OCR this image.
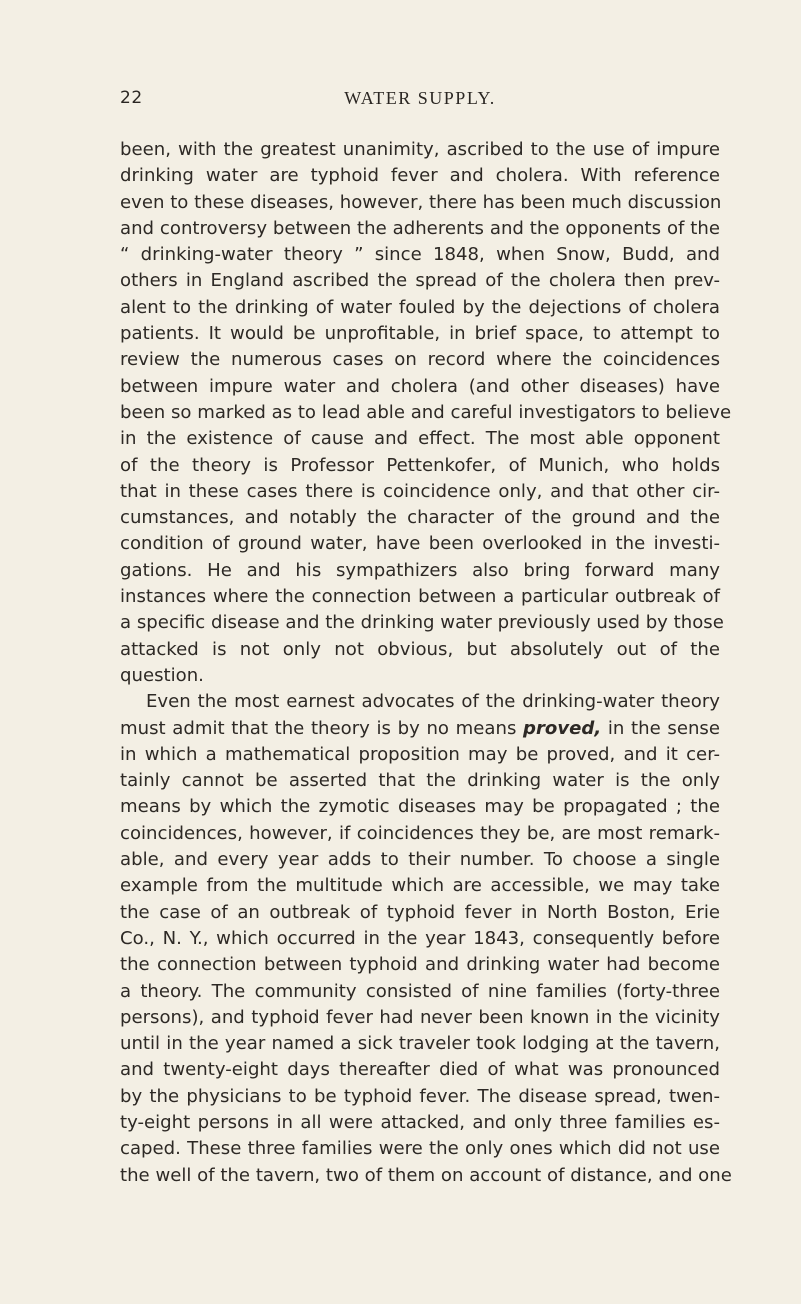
22	WATER SUPPLY.
been, with the greatest unanimity, ascribed to the use of impure
drinking water are typhoid fever and cholera. With reference
even to these diseases, however, there has been much discussion
and controversy between the adherents and the opponents of the
“ drinking-water theory ” since 1848, when Snow, Budd, and
others in England ascribed the spread of the cholera then prev-
alent to the drinking of water fouled by the dejections of cholera
patients. It would be unprofitable, in brief space, to attempt to
review the numerous cases on record where the coincidences
between impure water and cholera (and other diseases) have
been so marked as to lead able and careful investigators to believe
in the existence of cause and effect. The most able opponent
of the theory is Professor Pettenkofer, of Munich, who holds
that in these cases there is coincidence only, and that other cir-
cumstances, and notably the character of the ground and the
condition of ground water, have been overlooked in the investi-
gations. He and his sympathizers also bring forward many
instances where the connection between a particular outbreak of
a specific disease and the drinking water previously used by those
attacked is not only not obvious, but absolutely out of the
question.
Even the most earnest advocates of the drinking-water theory
must admit that the theory is by no means proved, in the sense
in which a mathematical proposition may be proved, and it cer-
tainly cannot be asserted that the drinking water is the only
means by which the zymotic diseases may be propagated ; the
coincidences, however, if coincidences they be, are most remark-
able, and every year adds to their number. To choose a single
example from the multitude which are accessible, we may take
the case of an outbreak of typhoid fever in North Boston, Erie
Co., N. Y., which occurred in the year 1843, consequently before
the connection between typhoid and drinking water had become
a theory. The community consisted of nine families (forty-three
persons), and typhoid fever had never been known in the vicinity
until in the year named a sick traveler took lodging at the tavern,
and twenty-eight days thereafter died of what was pronounced
by the physicians to be typhoid fever. The disease spread, twen-
ty-eight persons in all were attacked, and only three families es-
caped. These three families were the only ones which did not use
the well of the tavern, two of them on account of distance, and one
